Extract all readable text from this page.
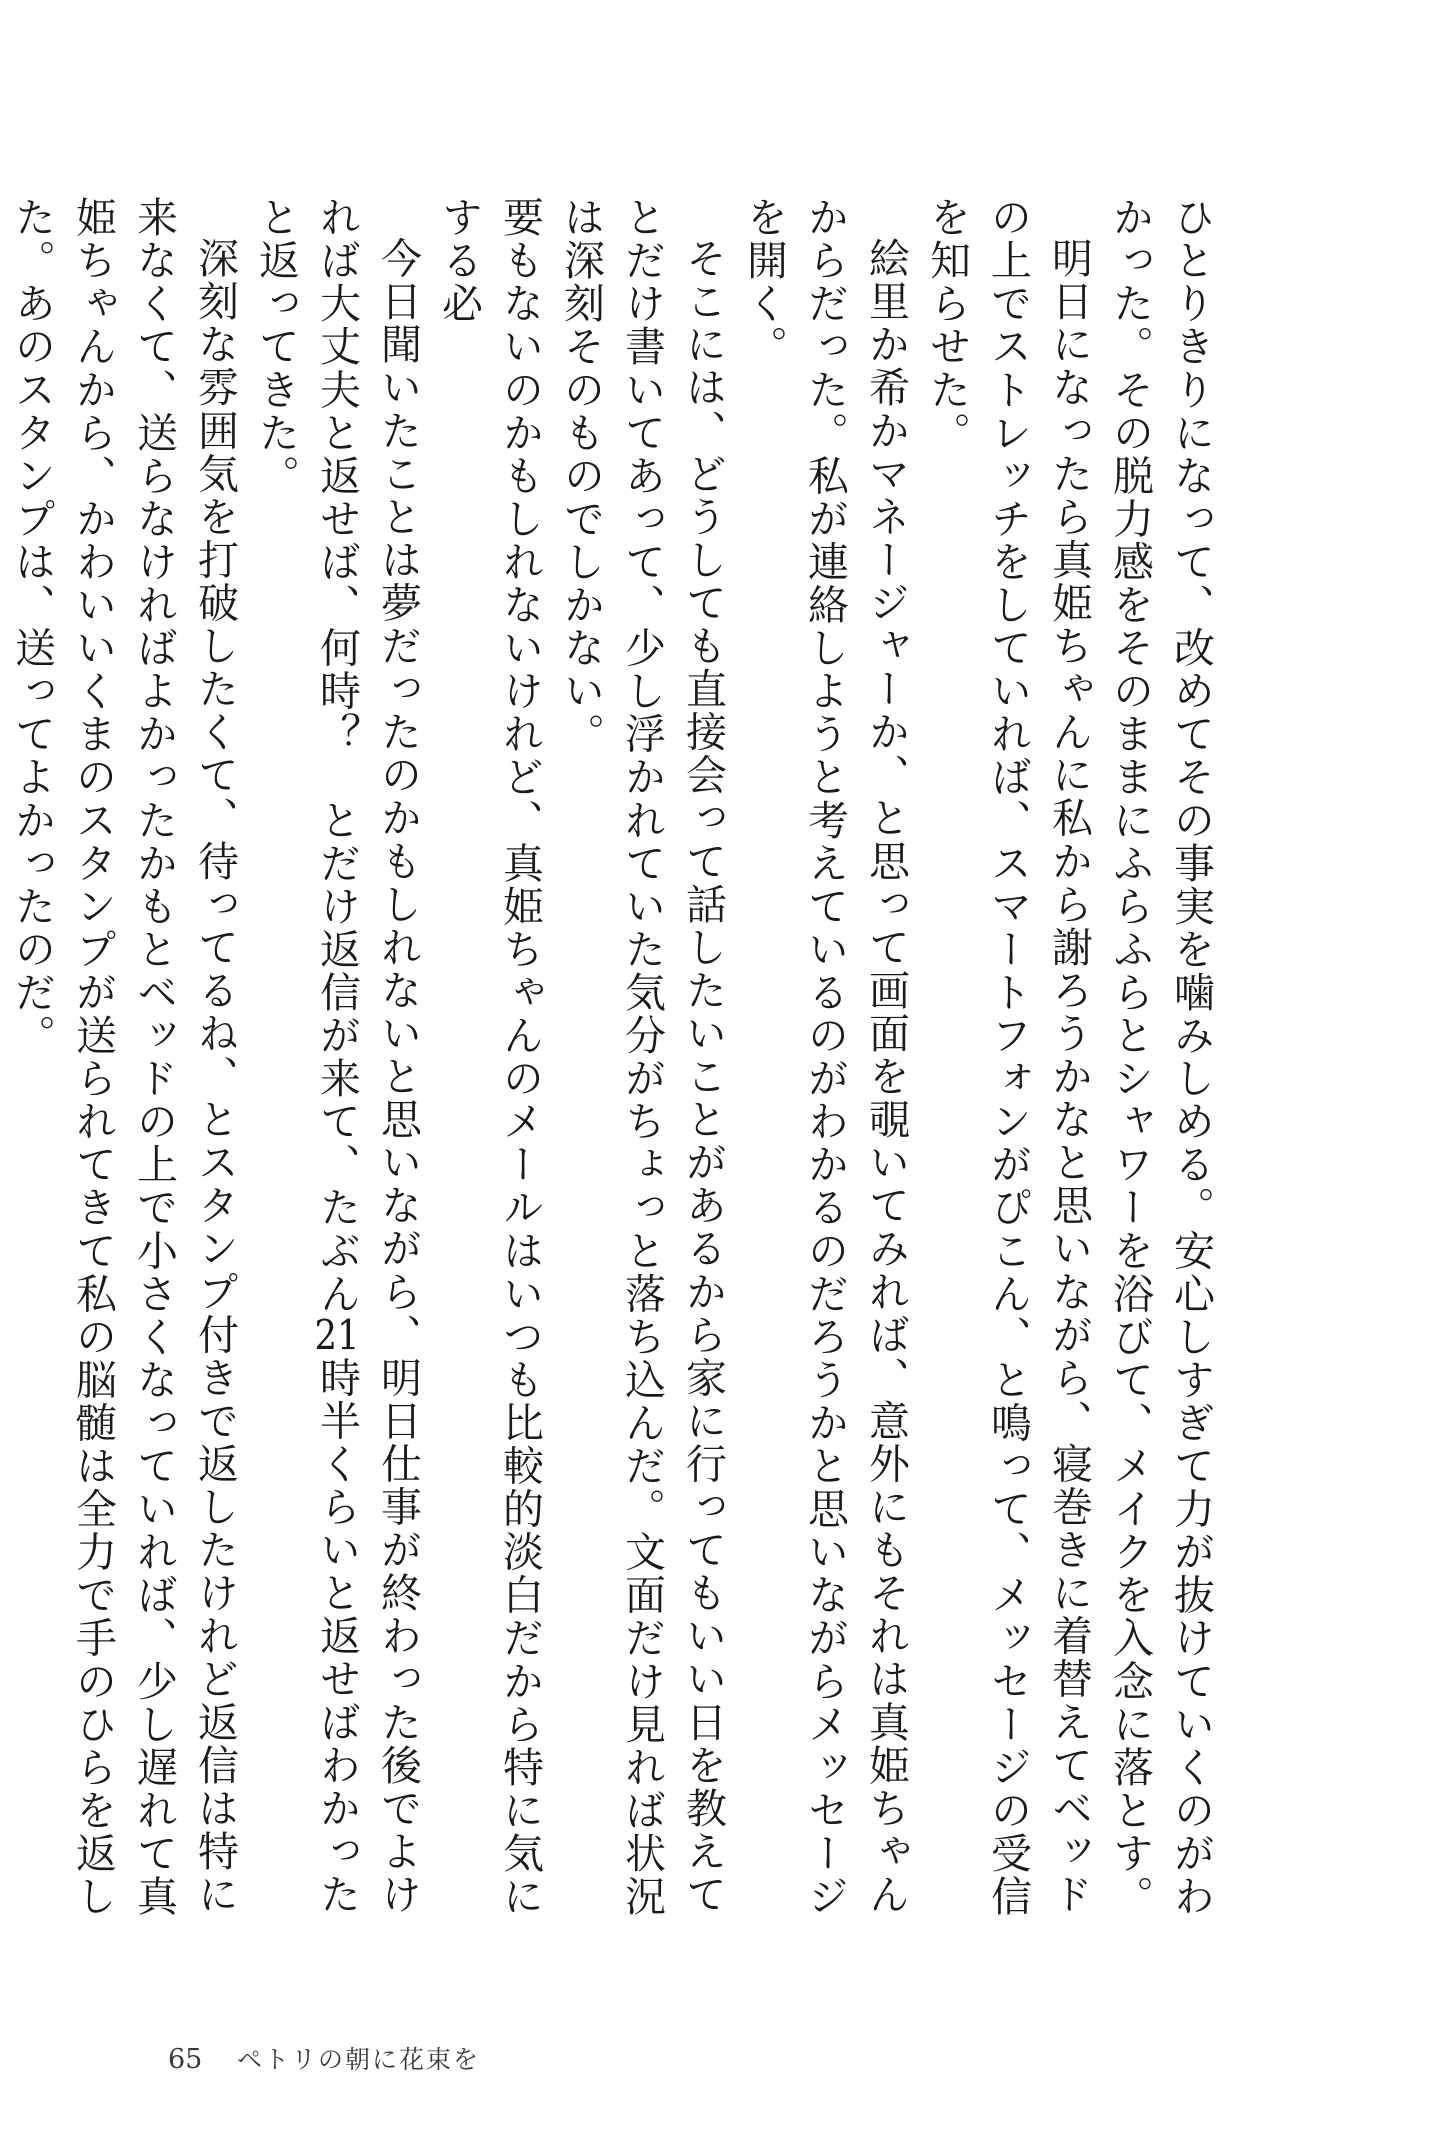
ひとりきりになって、改めてその事実を噛みしめる。安心しすぎて力が抜けていくのがわかった。その脱力感をそのままにふらふらとシャワーを浴びて、メイクを入念に落とす。

明日になったら真姫ちゃんに私から謝ろうかなと思いながら、寝巻きに着替えてベッドの上でストレッチをしていれば、スマートフォンがぴこん、と鳴って、メッセージの受信を知らせた。

絵里か希かマネージャーか、と思って画面を覗いてみれば、意外にもそれは真姫ちゃんからだった。私が連絡しようと考えているのがわかるのだろうかと思いながらメッセージを開く。

そこには、どうしても直接会って話したいことがあるから家に行ってもいい日を教えてとだけ書いてあって、少し浮かれていた気分がちょっと落ち込んだ。文面だけ見れば状況は深刻そのものでしかない。

要もないのかもしれないけれど、真姫ちゃんのメールはいつも比較的淡白だから特に気にする必

今日聞いたことは夢だったのかもしれないと思いながら、明日仕事が終わった後でよければ大丈夫と返せば、何時？　とだけ返信が来て、たぶん21時半くらいと返せばわかったと返ってきた。

深刻な雰囲気を打破したくて、待ってるね、とスタンプ付きで返したけれど返信は特に来なくて、送らなければよかったかもとベッドの上で小さくなっていれば、少し遅れて真姫ちゃんから、かわいいくまのスタンプが送られてきて私の脳髄は全力で手のひらを返した。あのスタンプは、送ってよかったのだ。

65 ペトリの朝に花束を
